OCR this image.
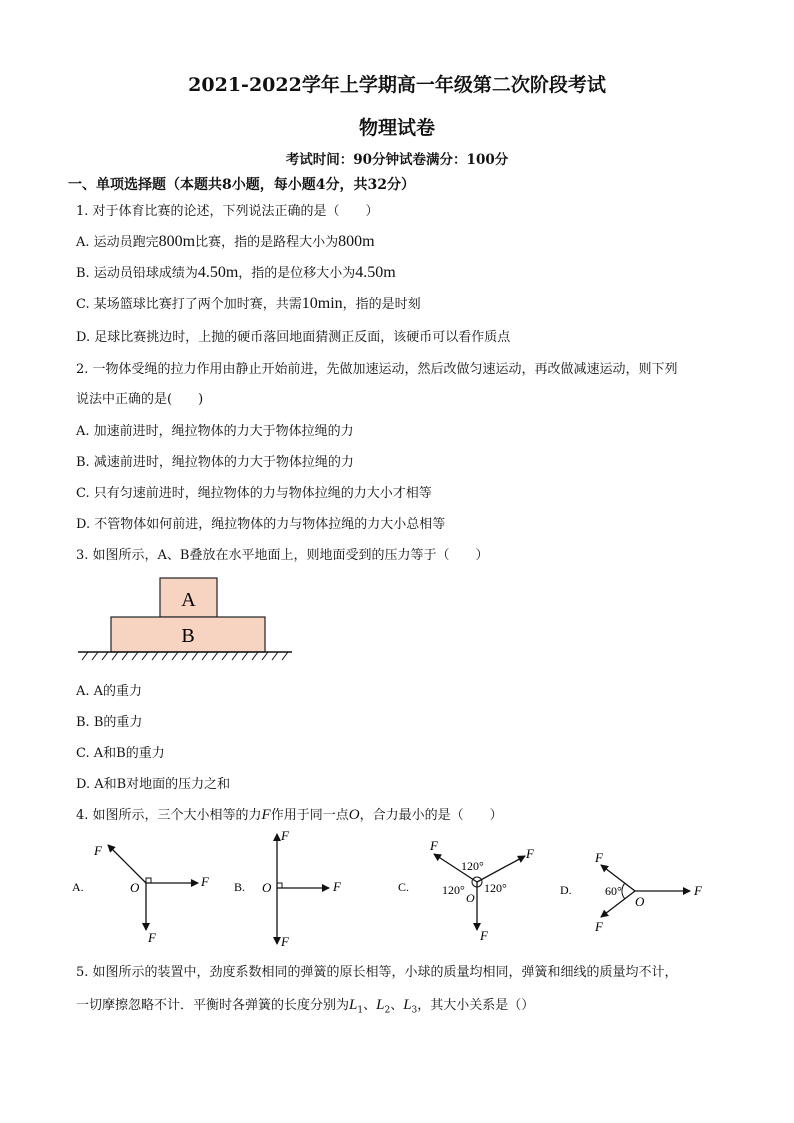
2021-2022学年上学期高一年级第二次阶段考试
物理试卷
考试时间：90分钟试卷满分：100分
一、单项选择题（本题共8小题，每小题4分，共32分）
1. 对于体育比赛的论述，下列说法正确的是（　　）
A. 运动员跑完800m比赛，指的是路程大小为800m
B. 运动员铅球成绩为4.50m，指的是位移大小为4.50m
C. 某场篮球比赛打了两个加时赛，共需10min，指的是时刻
D. 足球比赛挑边时，上抛的硬币落回地面猜测正反面，该硬币可以看作质点
2. 一物体受绳的拉力作用由静止开始前进，先做加速运动，然后改做匀速运动，再改做减速运动，则下列
说法中正确的是(　　)
A. 加速前进时，绳拉物体的力大于物体拉绳的力
B. 减速前进时，绳拉物体的力大于物体拉绳的力
C. 只有匀速前进时，绳拉物体的力与物体拉绳的力大小才相等
D. 不管物体如何前进，绳拉物体的力与物体拉绳的力大小总相等
3. 如图所示，A、B叠放在水平地面上，则地面受到的压力等于（　　）
A
B
A. A的重力
B. B的重力
C. A和B的重力
D. A和B对地面的压力之和
4. 如图所示，三个大小相等的力F作用于同一点O，合力最小的是（　　）
A.
F
F
F
O	B.
F
F
F
O	C.
F
F
F
O
120°
120° 120°	D.
F
F
F
O
60°
5. 如图所示的装置中，劲度系数相同的弹簧的原长相等，小球的质量均相同，弹簧和细线的质量均不计，
一切摩擦忽略不计．平衡时各弹簧的长度分别为$L_1$、$L_2$、$L_3$，其大小关系是（）
